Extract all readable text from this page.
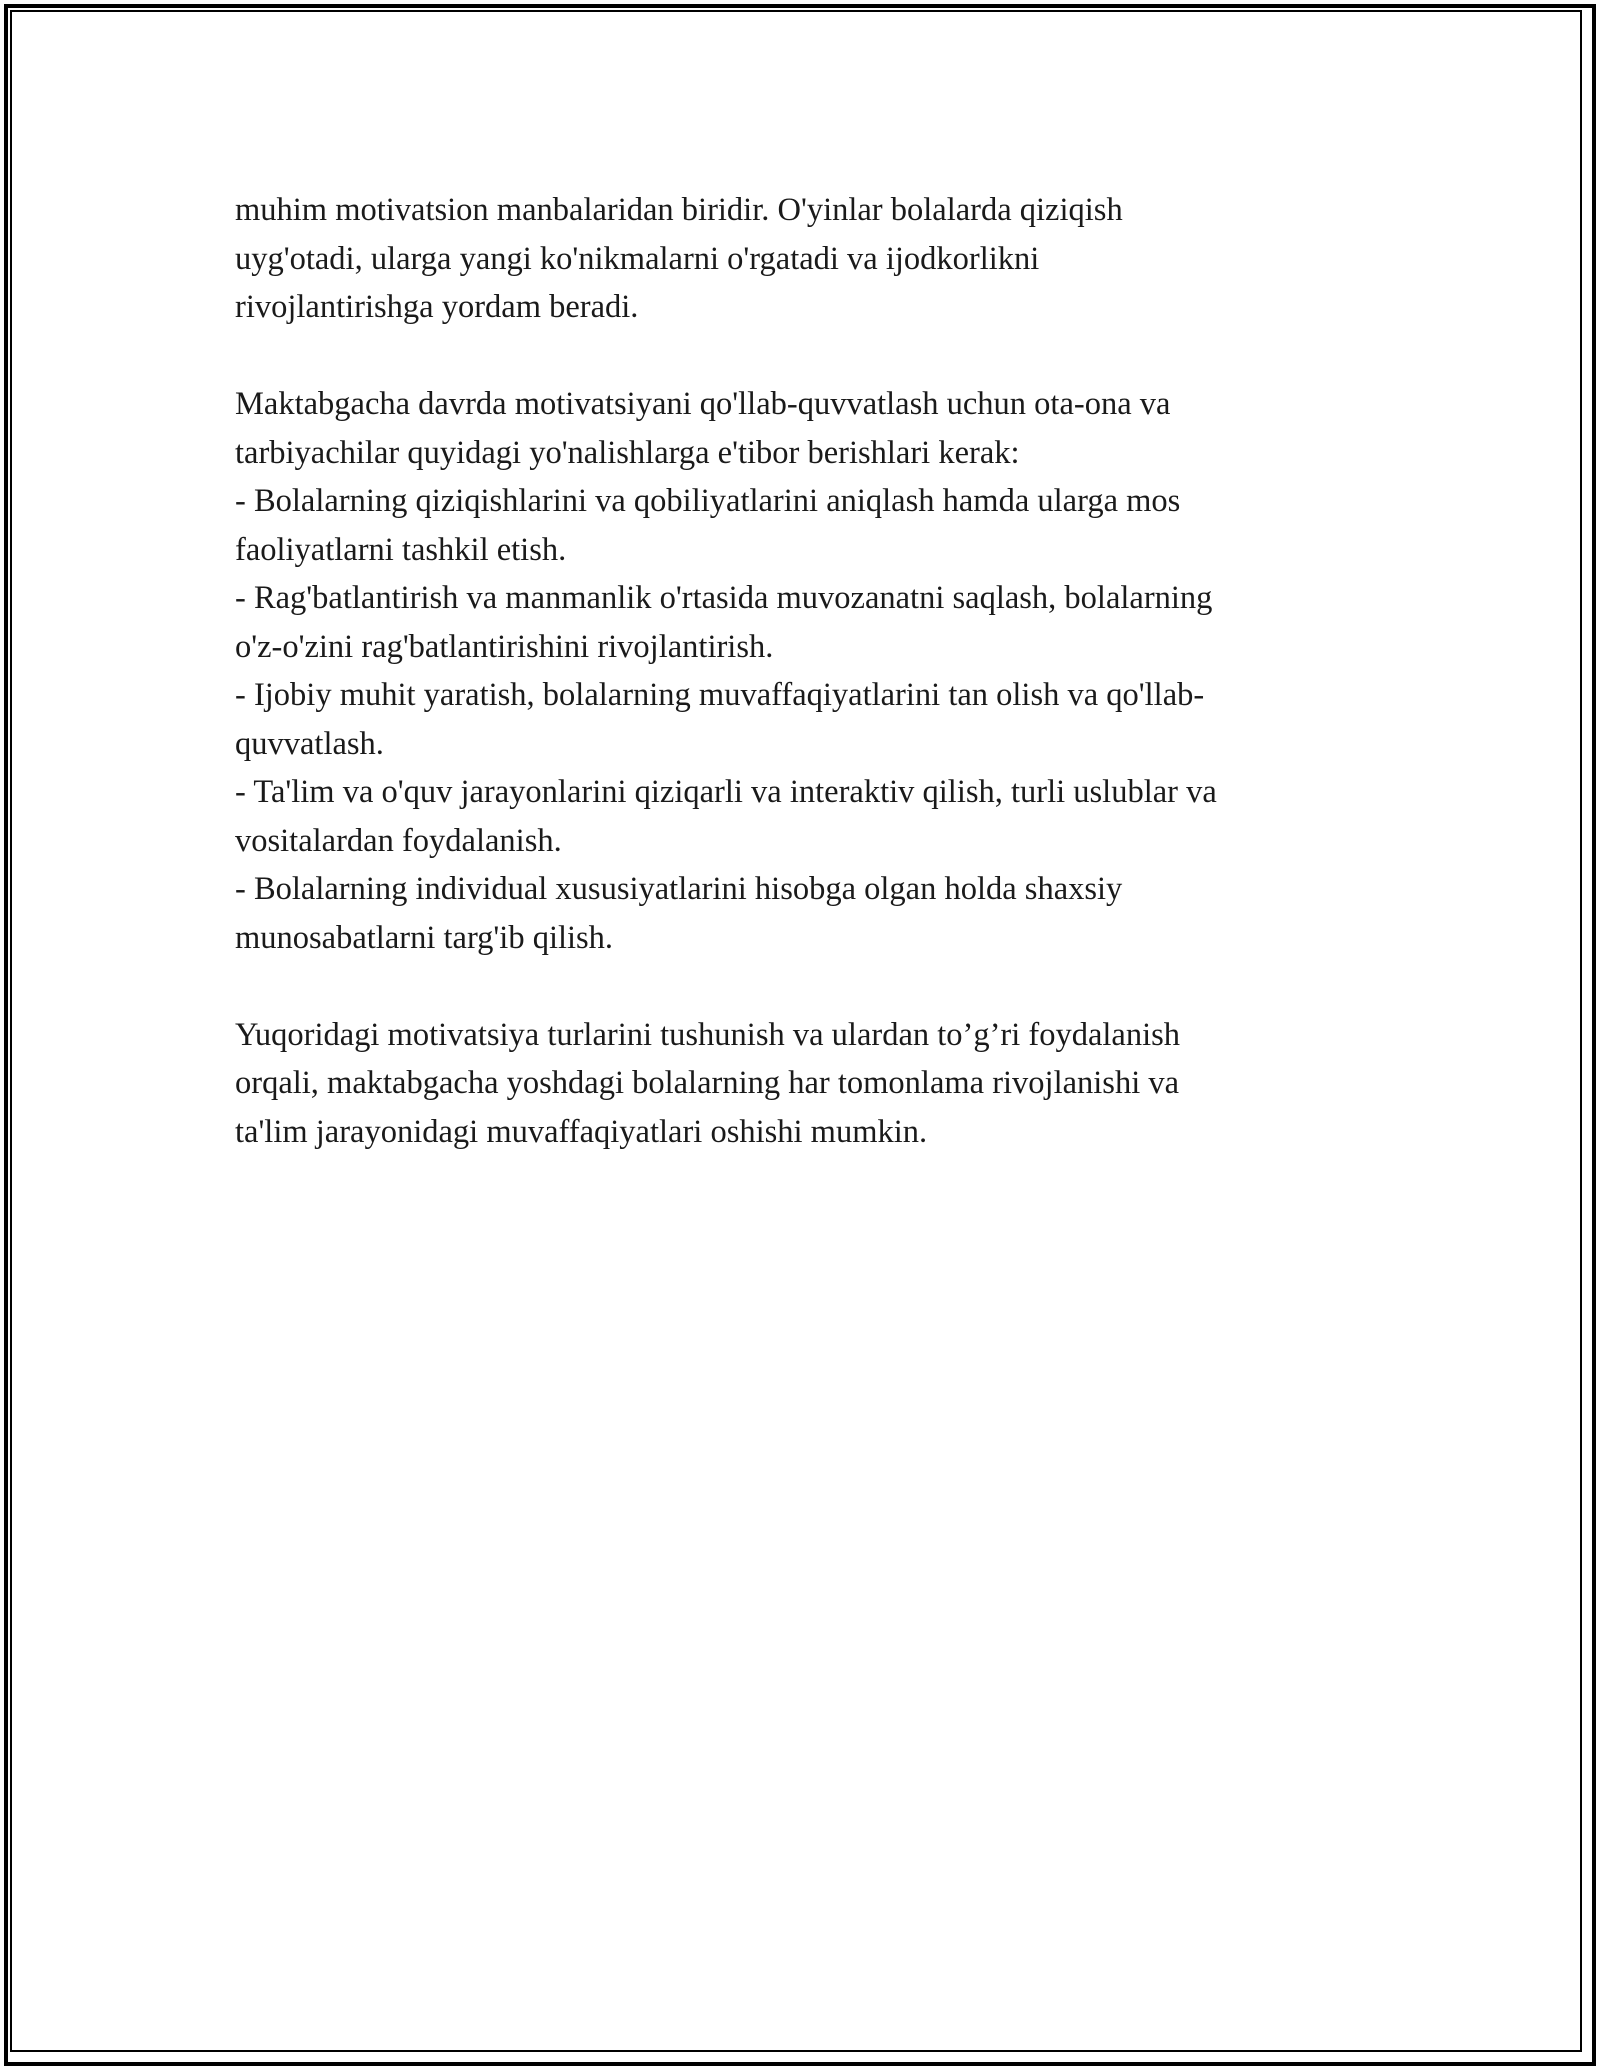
muhim motivatsion manbalaridan biridir. O'yinlar bolalarda qiziqish

uyg'otadi, ularga yangi ko'nikmalarni o'rgatadi va ijodkorlikni

rivojlantirishga yordam beradi.

Maktabgacha davrda motivatsiyani qo'llab-quvvatlash uchun ota-ona va

tarbiyachilar quyidagi yo'nalishlarga e'tibor berishlari kerak:

- Bolalarning qiziqishlarini va qobiliyatlarini aniqlash hamda ularga mos

faoliyatlarni tashkil etish.

- Rag'batlantirish va manmanlik o'rtasida muvozanatni saqlash, bolalarning

o'z-o'zini rag'batlantirishini rivojlantirish.

- Ijobiy muhit yaratish, bolalarning muvaffaqiyatlarini tan olish va qo'llab-

quvvatlash.

- Ta'lim va o'quv jarayonlarini qiziqarli va interaktiv qilish, turli uslublar va

vositalardan foydalanish.

- Bolalarning individual xususiyatlarini hisobga olgan holda shaxsiy

munosabatlarni targ'ib qilish.

Yuqoridagi motivatsiya turlarini tushunish va ulardan to’g’ri foydalanish

orqali, maktabgacha yoshdagi bolalarning har tomonlama rivojlanishi va

ta'lim jarayonidagi muvaffaqiyatlari oshishi mumkin.
